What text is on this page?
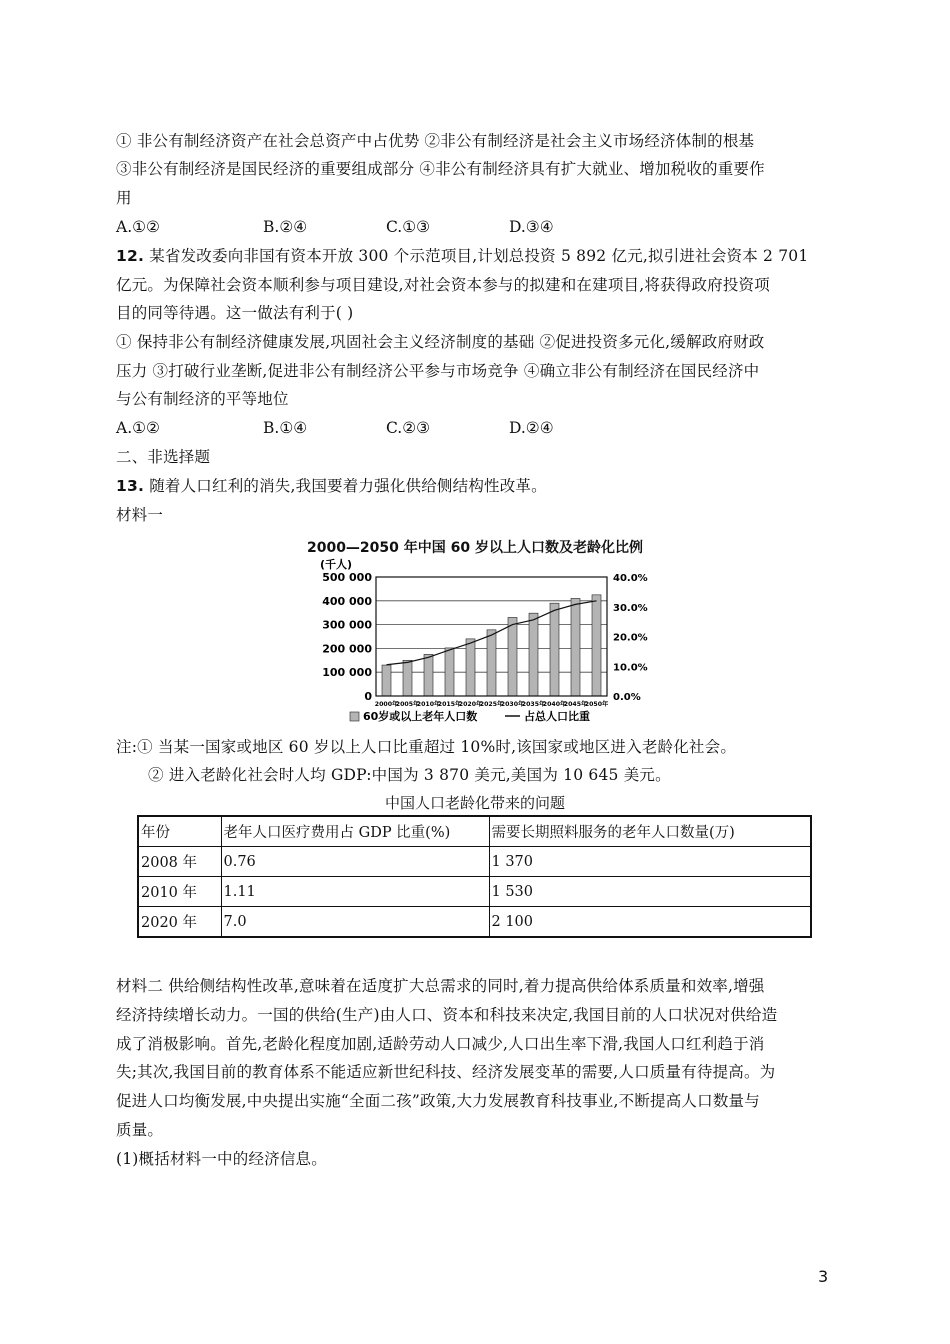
① 非公有制经济资产在社会总资产中占优势 ②非公有制经济是社会主义市场经济体制的根基

③非公有制经济是国民经济的重要组成部分 ④非公有制经济具有扩大就业、增加税收的重要作

用

A.①②	B.②④	C.①③	D.③④

12. 某省发改委向非国有资本开放 300 个示范项目,计划总投资 5 892 亿元,拟引进社会资本 2 701

亿元。为保障社会资本顺利参与项目建设,对社会资本参与的拟建和在建项目,将获得政府投资项

目的同等待遇。这一做法有利于( )

① 保持非公有制经济健康发展,巩固社会主义经济制度的基础 ②促进投资多元化,缓解政府财政

压力 ③打破行业垄断,促进非公有制经济公平参与市场竞争 ④确立非公有制经济在国民经济中

与公有制经济的平等地位

A.①②	B.①④	C.②③	D.②④

二、非选择题

13. 随着人口红利的消失,我国要着力强化供给侧结构性改革。

材料一

2000—2050 年中国 60 岁以上人口数及老龄化比例
500 000
400 000
300 000
200 000
100 000
0
40.0%
30.0%
20.0%
10.0%
0.0%
(千人)
2000年
2005年
2010年
2015年
2020年
2025年
2030年
2035年
2040年
2045年
2050年
60岁或以上老年人口数	占总人口比重

注:① 当某一国家或地区 60 岁以上人口比重超过 10%时,该国家或地区进入老龄化社会。

② 进入老龄化社会时人均 GDP:中国为 3 870 美元,美国为 10 645 美元。

中国人口老龄化带来的问题
年份	老年人口医疗费用占 GDP 比重(%)	需要长期照料服务的老年人口数量(万)
2008 年	0.76	1 370
2010 年	1.11	1 530
2020 年	7.0	2 100

材料二 供给侧结构性改革,意味着在适度扩大总需求的同时,着力提高供给体系质量和效率,增强

经济持续增长动力。一国的供给(生产)由人口、资本和科技来决定,我国目前的人口状况对供给造

成了消极影响。首先,老龄化程度加剧,适龄劳动人口减少,人口出生率下滑,我国人口红利趋于消

失;其次,我国目前的教育体系不能适应新世纪科技、经济发展变革的需要,人口质量有待提高。为

促进人口均衡发展,中央提出实施“全面二孩”政策,大力发展教育科技事业,不断提高人口数量与

质量。

(1)概括材料一中的经济信息。

3
